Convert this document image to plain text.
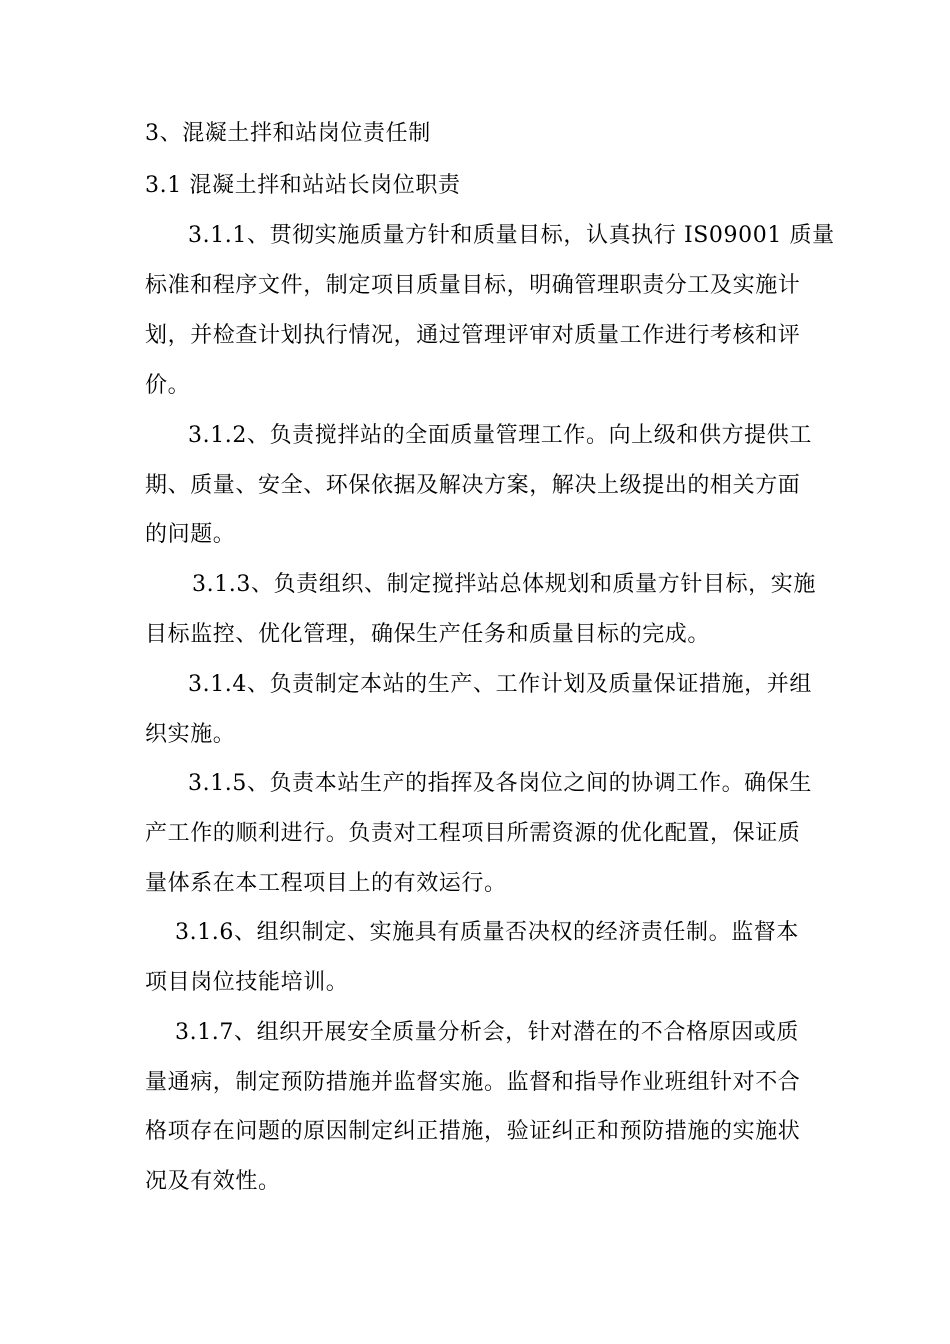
3、混凝土拌和站岗位责任制
3.1 混凝土拌和站站长岗位职责
3.1.1、贯彻实施质量方针和质量目标，认真执行 IS09001 质量
标准和程序文件，制定项目质量目标，明确管理职责分工及实施计
划，并检查计划执行情况，通过管理评审对质量工作进行考核和评
价。
3.1.2、负责搅拌站的全面质量管理工作。向上级和供方提供工
期、质量、安全、环保依据及解决方案，解决上级提出的相关方面
的问题。
3.1.3、负责组织、制定搅拌站总体规划和质量方针目标，实施
目标监控、优化管理，确保生产任务和质量目标的完成。
3.1.4、负责制定本站的生产、工作计划及质量保证措施，并组
织实施。
3.1.5、负责本站生产的指挥及各岗位之间的协调工作。确保生
产工作的顺利进行。负责对工程项目所需资源的优化配置，保证质
量体系在本工程项目上的有效运行。
3.1.6、组织制定、实施具有质量否决权的经济责任制。监督本
项目岗位技能培训。
3.1.7、组织开展安全质量分析会，针对潜在的不合格原因或质
量通病，制定预防措施并监督实施。监督和指导作业班组针对不合
格项存在问题的原因制定纠正措施，验证纠正和预防措施的实施状
况及有效性。
